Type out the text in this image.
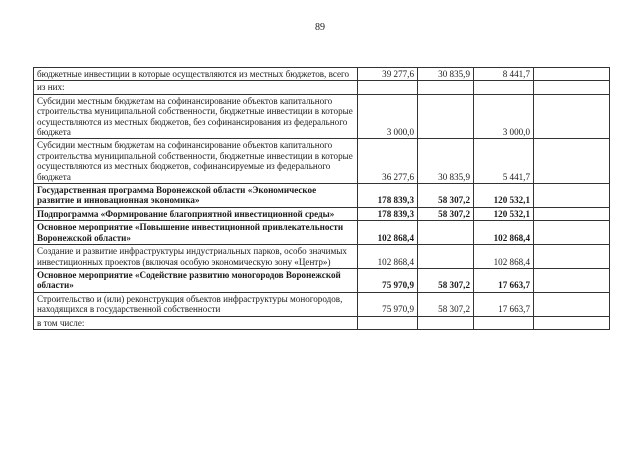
89
бюджетные инвестиции в которые осуществляются из местных бюджетов, всего	39 277,6	30 835,9	8 441,7	
из них:				
Субсидии местным бюджетам на софинансирование объектов капитального строительства муниципальной собственности, бюджетные инвестиции в которые осуществляются из местных бюджетов, без софинансирования из федерального бюджета	3 000,0		3 000,0	
Субсидии местным бюджетам на софинансирование объектов капитального строительства муниципальной собственности, бюджетные инвестиции в которые осуществляются из местных бюджетов, софинансируемые из федерального бюджета	36 277,6	30 835,9	5 441,7	
Государственная программа Воронежской области «Экономическое развитие и инновационная экономика»	178 839,3	58 307,2	120 532,1	
Подпрограмма «Формирование благоприятной инвестиционной среды»	178 839,3	58 307,2	120 532,1	
Основное мероприятие «Повышение инвестиционной привлекательности Воронежской области»	102 868,4		102 868,4	
Создание и развитие инфраструктуры индустриальных парков, особо значимых инвестиционных проектов (включая особую экономическую зону «Центр»)	102 868,4		102 868,4	
Основное мероприятие «Содействие развитию моногородов Воронежской области»	75 970,9	58 307,2	17 663,7	
Строительство и (или) реконструкция объектов инфраструктуры моногородов, находящихся в государственной собственности	75 970,9	58 307,2	17 663,7	
в том числе:				
